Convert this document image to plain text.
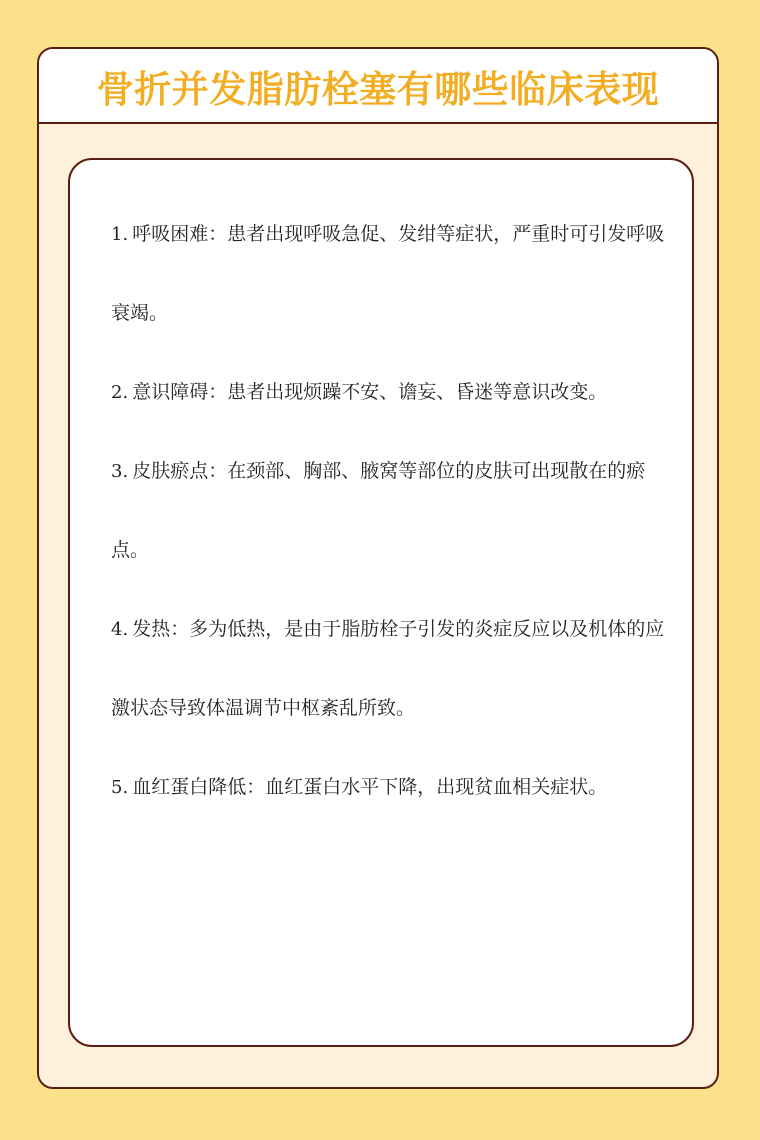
骨折并发脂肪栓塞有哪些临床表现
1. 呼吸困难：患者出现呼吸急促、发绀等症状，严重时可引发呼吸衰竭。
2. 意识障碍：患者出现烦躁不安、谵妄、昏迷等意识改变。
3. 皮肤瘀点：在颈部、胸部、腋窝等部位的皮肤可出现散在的瘀点。
4. 发热：多为低热，是由于脂肪栓子引发的炎症反应以及机体的应激状态导致体温调节中枢紊乱所致。
5. 血红蛋白降低：血红蛋白水平下降，出现贫血相关症状。
